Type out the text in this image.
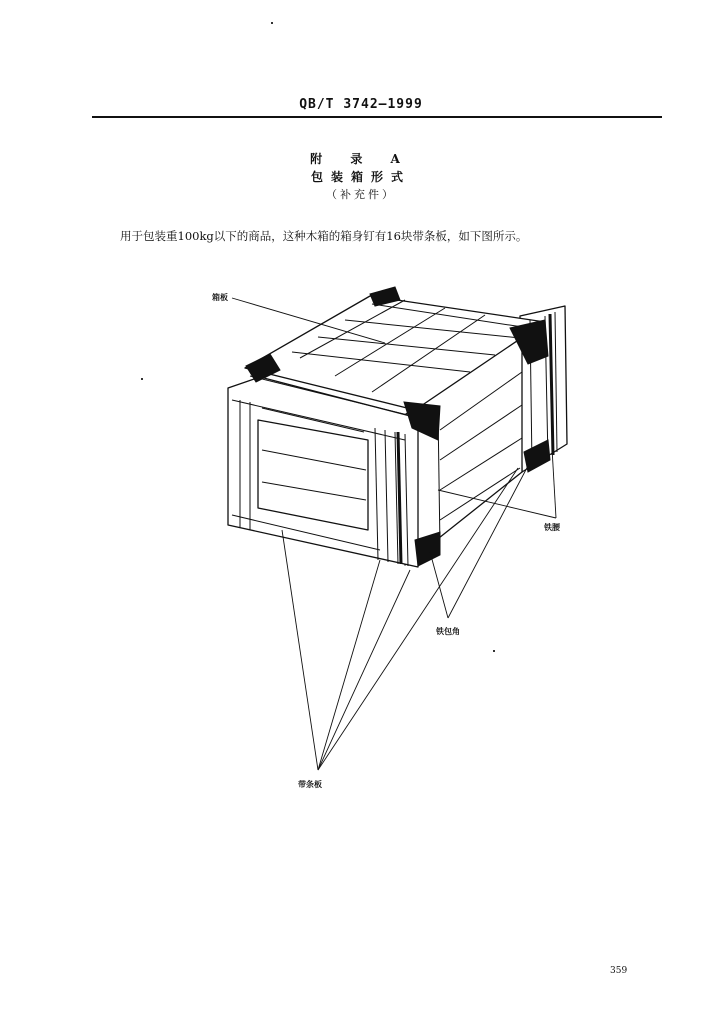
QB/T 3742—1999
附 录 A
包装箱形式
（补充件）
用于包装重100kg以下的商品，这种木箱的箱身钉有16块带条板，如下图所示。
箱板
铁腰
铁包角
带条板
359
